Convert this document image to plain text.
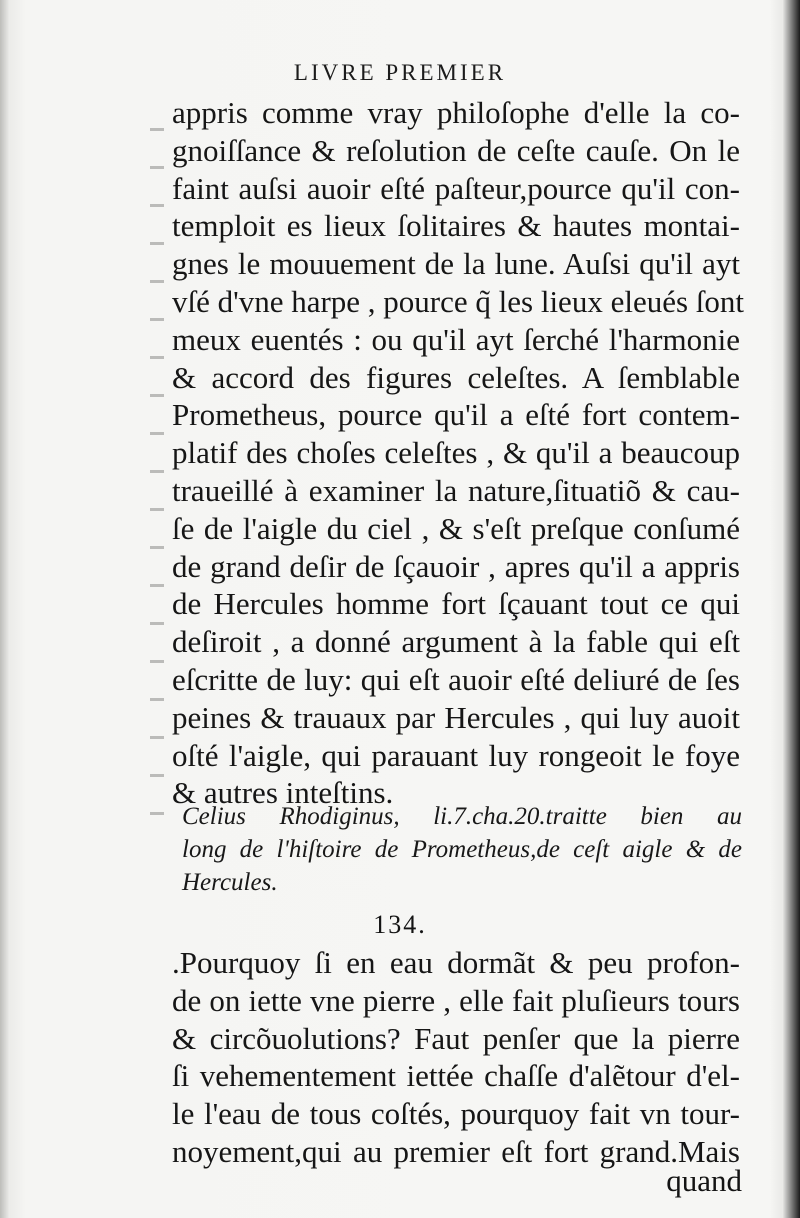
LIVRE PREMIER
appris comme vray philoſophe d'elle la co-
gnoiſſance & reſolution de ceſte cauſe. On le
faint auſsi auoir eſté paſteur,pource qu'il con-
temploit es lieux ſolitaires & hautes montai-
gnes le mouuement de la lune. Auſsi qu'il ayt
vſé d'vne harpe , pource q̃ les lieux eleués ſont
meux euentés : ou qu'il ayt ſerché l'harmonie
& accord des figures celeſtes. A ſemblable
Prometheus, pource qu'il a eſté fort contem-
platif des choſes celeſtes , & qu'il a beaucoup
traueillé à examiner la nature,ſituatiõ & cau-
ſe de l'aigle du ciel , & s'eſt preſque conſumé
de grand deſir de ſçauoir , apres qu'il a appris
de Hercules homme fort ſçauant tout ce qui
deſiroit , a donné argument à la fable qui eſt
eſcritte de luy: qui eſt auoir eſté deliuré de ſes
peines & trauaux par Hercules , qui luy auoit
oſté l'aigle, qui parauant luy rongeoit le foye
& autres inteſtins.
Celius Rhodiginus, li.7.cha.20.traitte bien au
long de l'hiſtoire de Prometheus,de ceſt aigle & de
Hercules.
134.
.Pourquoy ſi en eau dormãt & peu profon-
de on iette vne pierre , elle fait pluſieurs tours
& circõuolutions? Faut penſer que la pierre
ſi vehementement iettée chaſſe d'alẽtour d'el-
le l'eau de tous coſtés, pourquoy fait vn tour-
noyement,qui au premier eſt fort grand.Mais
quand
